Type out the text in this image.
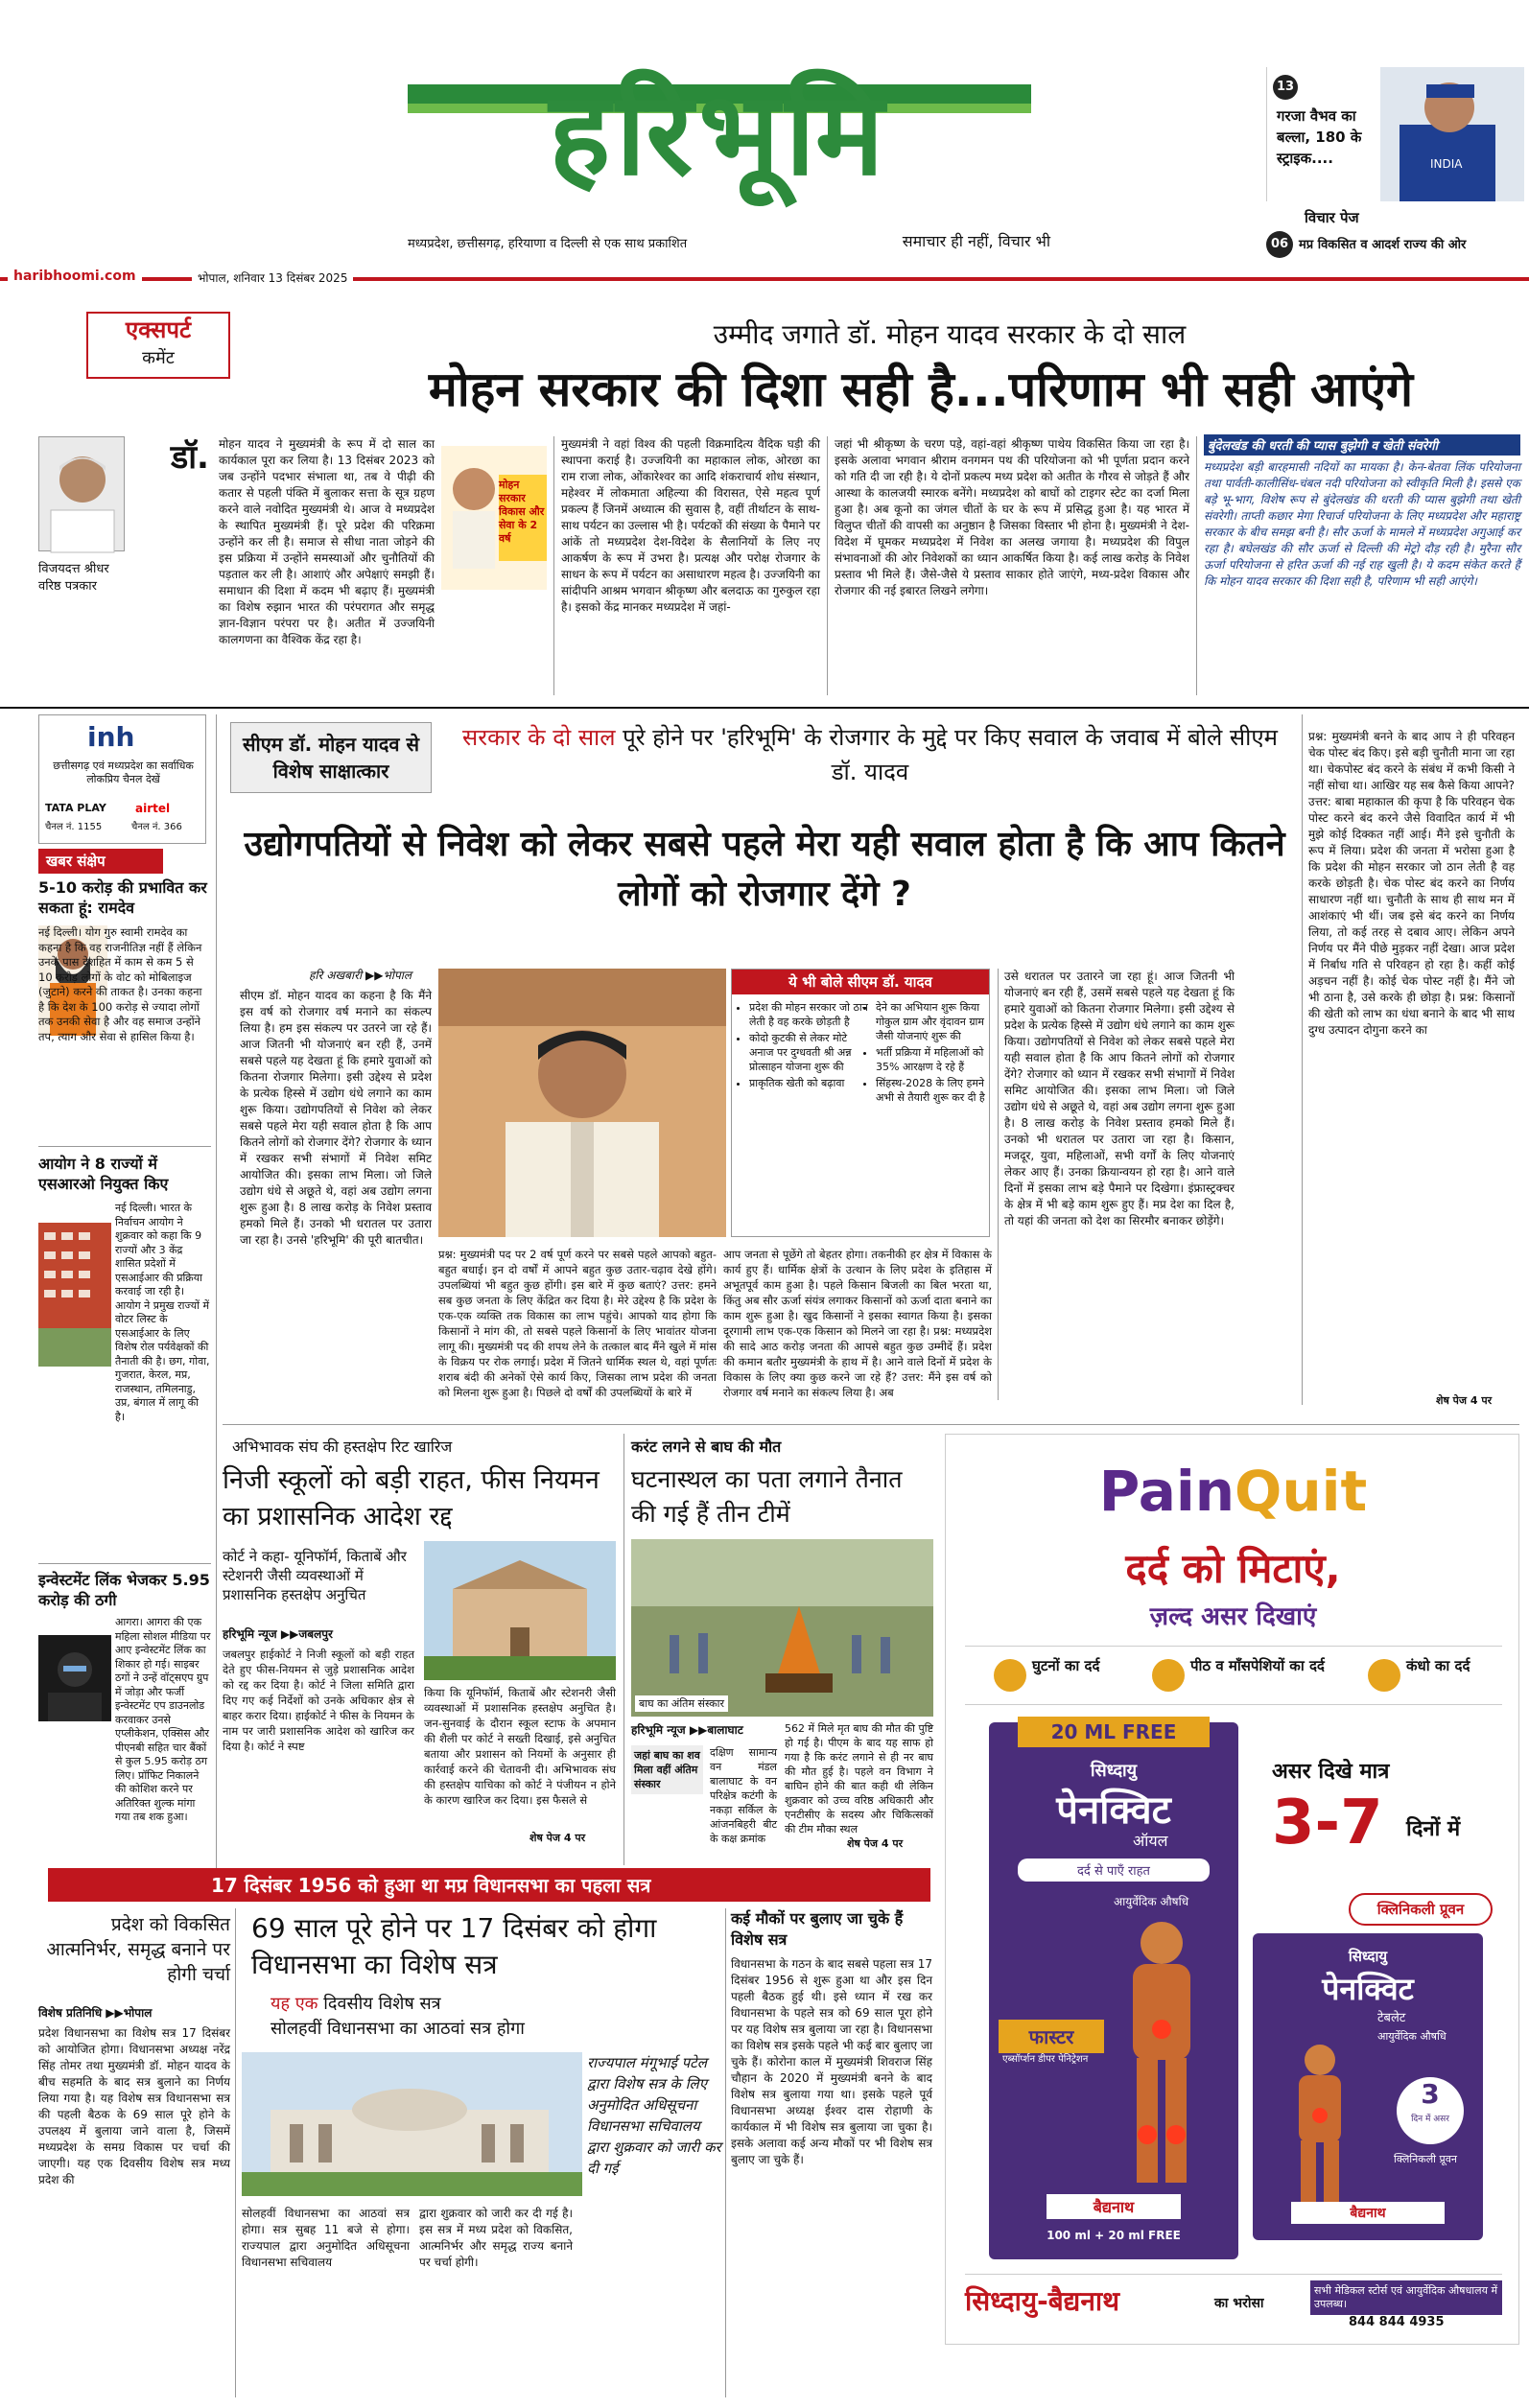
हरिभूमि
मध्यप्रदेश, छत्तीसगढ़, हरियाणा व दिल्ली से एक साथ प्रकाशित	समाचार ही नहीं, विचार भी
13
गरजा वैभव का बल्ला, 180 के स्ट्राइक....	INDIA
विचार पेज
06 मप्र विकसित व आदर्श राज्य की ओर
haribhoomi.com	भोपाल, शनिवार 13 दिसंबर 2025
एक्सपर्ट
कमेंट
उम्मीद जगाते डॉ. मोहन यादव सरकार के दो साल
मोहन सरकार की दिशा सही है...परिणाम भी सही आएंगे
विजयदत्त श्रीधर
वरिष्ठ पत्रकार
डॉ. मोहन यादव ने मुख्यमंत्री के रूप में दो साल का कार्यकाल पूरा कर लिया है। 13 दिसंबर 2023 को जब उन्होंने पदभार संभाला था, तब वे पीढ़ी की कतार से पहली पंक्ति में बुलाकर सत्ता के सूत्र ग्रहण करने वाले नवोदित मुख्यमंत्री थे। आज वे मध्यप्रदेश के स्थापित मुख्यमंत्री हैं। पूरे प्रदेश की परिक्रमा उन्होंने कर ली है। समाज से सीधा नाता जोड़ने की इस प्रक्रिया में उन्होंने समस्याओं और चुनौतियों की पड़ताल कर ली है। आशाएं और अपेक्षाएं समझी हैं। समाधान की दिशा में कदम भी बढ़ाए हैं। मुख्यमंत्री का विशेष रुझान भारत की परंपरागत और समृद्ध ज्ञान-विज्ञान परंपरा पर है। अतीत में उज्जयिनी कालगणना का वैश्विक केंद्र रहा है।
मोहन सरकार विकास और सेवा के 2 वर्ष
मुख्यमंत्री ने वहां विश्व की पहली विक्रमादित्य वैदिक घड़ी की स्थापना कराई है। उज्जयिनी का महाकाल लोक, ओरछा का राम राजा लोक, ओंकारेश्वर का आदि शंकराचार्य शोध संस्थान, महेश्वर में लोकमाता अहिल्या की विरासत, ऐसे महत्व पूर्ण प्रकल्प हैं जिनमें अध्यात्म की सुवास है, वहीं तीर्थाटन के साथ-साथ पर्यटन का उल्लास भी है। पर्यटकों की संख्या के पैमाने पर आंकें तो मध्यप्रदेश देश-विदेश के सैलानियों के लिए नए आकर्षण के रूप में उभरा है। प्रत्यक्ष और परोक्ष रोजगार के साधन के रूप में पर्यटन का असाधारण महत्व है। उज्जयिनी का सांदीपनि आश्रम भगवान श्रीकृष्ण और बलदाऊ का गुरुकुल रहा है। इसको केंद्र मानकर मध्यप्रदेश में जहां-
जहां भी श्रीकृष्ण के चरण पड़े, वहां-वहां श्रीकृष्ण पाथेय विकसित किया जा रहा है। इसके अलावा भगवान श्रीराम वनगमन पथ की परियोजना को भी पूर्णता प्रदान करने को गति दी जा रही है। ये दोनों प्रकल्प मध्य प्रदेश को अतीत के गौरव से जोड़ते हैं और आस्था के कालजयी स्मारक बनेंगे। मध्यप्रदेश को बाघों को टाइगर स्टेट का दर्जा मिला हुआ है। अब कूनो का जंगल चीतों के घर के रूप में प्रसिद्ध हुआ है। यह भारत में विलुप्त चीतों की वापसी का अनुष्ठान है जिसका विस्तार भी होना है। मुख्यमंत्री ने देश-विदेश में घूमकर मध्यप्रदेश में निवेश का अलख जगाया है। मध्यप्रदेश की विपुल संभावनाओं की ओर निवेशकों का ध्यान आकर्षित किया है। कई लाख करोड़ के निवेश प्रस्ताव भी मिले हैं। जैसे-जैसे ये प्रस्ताव साकार होते जाएंगे, मध्य-प्रदेश विकास और रोजगार की नई इबारत लिखने लगेगा।
बुंदेलखंड की धरती की प्यास बुझेगी व खेती संवरेगी
मध्यप्रदेश बड़ी बारहमासी नदियों का मायका है। केन-बेतवा लिंक परियोजना तथा पार्वती-कालीसिंध-चंबल नदी परियोजना को स्वीकृति मिली है। इससे एक बड़े भू-भाग, विशेष रूप से बुंदेलखंड की धरती की प्यास बुझेगी तथा खेती संवरेगी। ताप्ती कछार मेगा रिचार्ज परियोजना के लिए मध्यप्रदेश और महाराष्ट्र सरकार के बीच समझ बनी है। सौर ऊर्जा के मामले में मध्यप्रदेश अगुआई कर रहा है। बघेलखंड की सौर ऊर्जा से दिल्ली की मेट्रो दौड़ रही है। मुरैना सौर ऊर्जा परियोजना से हरित ऊर्जा की नई राह खुली है। ये कदम संकेत करते हैं कि मोहन यादव सरकार की दिशा सही है, परिणाम भी सही आएंगे।
inh
छत्तीसगढ़ एवं मध्यप्रदेश का सर्वाधिक लोकप्रिय चैनल देखें
TATA PLAY
चैनल नं. 1155
airtel
चैनल नं. 366
खबर संक्षेप
5-10 करोड़ की प्रभावित कर सकता हूं: रामदेव
नई दिल्ली। योग गुरु स्वामी रामदेव का कहना है कि वह राजनीतिज्ञ नहीं हैं लेकिन उनके पास देशहित में काम से कम 5 से 10 करोड़ लोगों के वोट को मोबिलाइज (जुटाने) करने की ताकत है। उनका कहना है कि देश के 100 करोड़ से ज्यादा लोगों तक उनकी सेवा है और वह समाज उन्होंने तप, त्याग और सेवा से हासिल किया है।
आयोग ने 8 राज्यों में एसआरओ नियुक्त किए
नई दिल्ली। भारत के निर्वाचन आयोग ने शुक्रवार को कहा कि 9 राज्यों और 3 केंद्र शासित प्रदेशों में एसआईआर की प्रक्रिया करवाई जा रही है। आयोग ने प्रमुख राज्यों में वोटर लिस्ट के एसआईआर के लिए विशेष रोल पर्यवेक्षकों की तैनाती की है। छग, गोवा, गुजरात, केरल, मप्र, राजस्थान, तमिलनाडु, उप्र, बंगाल में लागू की है।
इन्वेस्टमेंट लिंक भेजकर 5.95 करोड़ की ठगी
आगरा। आगरा की एक महिला सोशल मीडिया पर आए इन्वेस्टमेंट लिंक का शिकार हो गई। साइबर ठगों ने उन्हें वॉट्सएप ग्रुप में जोड़ा और फर्जी इन्वेस्टमेंट एप डाउनलोड करवाकर उनसे एप्लीकेशन, एक्सिस और पीएनबी सहित चार बैंकों से कुल 5.95 करोड़ ठग लिए। प्रॉफिट निकालने की कोशिश करने पर अतिरिक्त शुल्क मांगा गया तब शक हुआ।
सीएम डॉ. मोहन यादव से विशेष साक्षात्कार
सरकार के दो साल पूरे होने पर 'हरिभूमि' के रोजगार के मुद्दे पर किए सवाल के जवाब में बोले सीएम डॉ. यादव
उद्योगपतियों से निवेश को लेकर सबसे पहले मेरा यही सवाल होता है कि आप कितने लोगों को रोजगार देंगे ?
हरि अखबारी ▶▶भोपाल
सीएम डॉ. मोहन यादव का कहना है कि मैंने इस वर्ष को रोजगार वर्ष मनाने का संकल्प लिया है। हम इस संकल्प पर उतरने जा रहे हैं। आज जितनी भी योजनाएं बन रही हैं, उनमें सबसे पहले यह देखता हूं कि हमारे युवाओं को कितना रोजगार मिलेगा। इसी उद्देश्य से प्रदेश के प्रत्येक हिस्से में उद्योग धंधे लगाने का काम शुरू किया। उद्योगपतियों से निवेश को लेकर सबसे पहले मेरा यही सवाल होता है कि आप कितने लोगों को रोजगार देंगे? रोजगार के ध्यान में रखकर सभी संभागों में निवेश समिट आयोजित की। इसका लाभ मिला। जो जिले उद्योग धंधे से अछूते थे, वहां अब उद्योग लगना शुरू हुआ है। 8 लाख करोड़ के निवेश प्रस्ताव हमको मिले हैं। उनको भी धरातल पर उतारा जा रहा है। उनसे 'हरिभूमि' की पूरी बातचीत।
ये भी बोले सीएम डॉ. यादव
• प्रदेश की मोहन सरकार जो ठान लेती है वह करके छोड़ती है
• कोदो कुटकी से लेकर मोटे अनाज पर दुग्धवती श्री अन्न प्रोत्साहन योजना शुरू की
• प्राकृतिक खेती को बढ़ावा
• देने का अभियान शुरू किया गोकुल ग्राम और वृंदावन ग्राम जैसी योजनाएं शुरू की
• भर्ती प्रक्रिया में महिलाओं को 35% आरक्षण दे रहे हैं
• सिंहस्थ-2028 के लिए हमने अभी से तैयारी शुरू कर दी है
प्रश्न: मुख्यमंत्री पद पर 2 वर्ष पूर्ण करने पर सबसे पहले आपको बहुत-बहुत बधाई। इन दो वर्षों में आपने बहुत कुछ उतार-चढ़ाव देखे होंगे। उपलब्धियां भी बहुत कुछ होंगी। इस बारे में कुछ बताएं? उत्तर: हमने सब कुछ जनता के लिए केंद्रित कर दिया है। मेरे उद्देश्य है कि प्रदेश के एक-एक व्यक्ति तक विकास का लाभ पहुंचे। आपको याद होगा कि किसानों ने मांग की, तो सबसे पहले किसानों के लिए भावांतर योजना लागू की। मुख्यमंत्री पद की शपथ लेने के तत्काल बाद मैंने खुले में मांस के विक्रय पर रोक लगाई। प्रदेश में जितने धार्मिक स्थल थे, वहां पूर्णतः शराब बंदी की अनेकों ऐसे कार्य किए, जिसका लाभ प्रदेश की जनता को मिलना शुरू हुआ है। पिछले दो वर्षों की उपलब्धियों के बारे में
आप जनता से पूछेंगे तो बेहतर होगा। तकनीकी हर क्षेत्र में विकास के कार्य हुए हैं। धार्मिक क्षेत्रों के उत्थान के लिए प्रदेश के इतिहास में अभूतपूर्व काम हुआ है। पहले किसान बिजली का बिल भरता था, किंतु अब सौर ऊर्जा संयंत्र लगाकर किसानों को ऊर्जा दाता बनाने का काम शुरू हुआ है। खुद किसानों ने इसका स्वागत किया है। इसका दूरगामी लाभ एक-एक किसान को मिलने जा रहा है। प्रश्न: मध्यप्रदेश की सादे आठ करोड़ जनता की आपसे बहुत कुछ उम्मीदें हैं। प्रदेश की कमान बतौर मुख्यमंत्री के हाथ में है। आने वाले दिनों में प्रदेश के विकास के लिए क्या कुछ करने जा रहे हैं? उत्तर: मैंने इस वर्ष को रोजगार वर्ष मनाने का संकल्प लिया है। अब
उसे धरातल पर उतारने जा रहा हूं। आज जितनी भी योजनाएं बन रही हैं, उसमें सबसे पहले यह देखता हूं कि हमारे युवाओं को कितना रोजगार मिलेगा। इसी उद्देश्य से प्रदेश के प्रत्येक हिस्से में उद्योग धंधे लगाने का काम शुरू किया। उद्योगपतियों से निवेश को लेकर सबसे पहले मेरा यही सवाल होता है कि आप कितने लोगों को रोजगार देंगे? रोजगार को ध्यान में रखकर सभी संभागों में निवेश समिट आयोजित की। इसका लाभ मिला। जो जिले उद्योग धंधे से अछूते थे, वहां अब उद्योग लगना शुरू हुआ है। 8 लाख करोड़ के निवेश प्रस्ताव हमको मिले हैं। उनको भी धरातल पर उतारा जा रहा है। किसान, मजदूर, युवा, महिलाओं, सभी वर्गों के लिए योजनाएं लेकर आए हैं। उनका क्रियान्वयन हो रहा है। आने वाले दिनों में इसका लाभ बड़े पैमाने पर दिखेगा। इंफ्रास्ट्रक्चर के क्षेत्र में भी बड़े काम शुरू हुए हैं। मप्र देश का दिल है, तो यहां की जनता को देश का सिरमौर बनाकर छोड़ेंगे।
प्रश्न: मुख्यमंत्री बनने के बाद आप ने ही परिवहन चेक पोस्ट बंद किए। इसे बड़ी चुनौती माना जा रहा था। चेकपोस्ट बंद करने के संबंध में कभी किसी ने नहीं सोचा था। आखिर यह सब कैसे किया आपने? उत्तर: बाबा महाकाल की कृपा है कि परिवहन चेक पोस्ट करने बंद करने जैसे विवादित कार्य में भी मुझे कोई दिक्कत नहीं आई। मैंने इसे चुनौती के रूप में लिया। प्रदेश की जनता में भरोसा हुआ है कि प्रदेश की मोहन सरकार जो ठान लेती है वह करके छोड़ती है। चेक पोस्ट बंद करने का निर्णय साधारण नहीं था। चुनौती के साथ ही साथ मन में आशंकाएं भी थीं। जब इसे बंद करने का निर्णय लिया, तो कई तरह से दबाव आए। लेकिन अपने निर्णय पर मैंने पीछे मुड़कर नहीं देखा। आज प्रदेश में निर्बाध गति से परिवहन हो रहा है। कहीं कोई अड़चन नहीं है। कोई चेक पोस्ट नहीं है। मैंने जो भी ठाना है, उसे करके ही छोड़ा है। प्रश्न: किसानों की खेती को लाभ का धंधा बनाने के बाद भी साथ दुग्ध उत्पादन दोगुना करने का
शेष पेज 4 पर
अभिभावक संघ की हस्तक्षेप रिट खारिज
निजी स्कूलों को बड़ी राहत, फीस नियमन का प्रशासनिक आदेश रद्द
कोर्ट ने कहा- यूनिफॉर्म, किताबें और स्टेशनरी जैसी व्यवस्थाओं में प्रशासनिक हस्तक्षेप अनुचित
हरिभूमि न्यूज ▶▶जबलपुर
जबलपुर हाईकोर्ट ने निजी स्कूलों को बड़ी राहत देते हुए फीस-नियमन से जुड़े प्रशासनिक आदेश को रद्द कर दिया है। कोर्ट ने जिला समिति द्वारा दिए गए कई निर्देशों को उनके अधिकार क्षेत्र से बाहर करार दिया। हाईकोर्ट ने फीस के नियमन के नाम पर जारी प्रशासनिक आदेश को खारिज कर दिया है। कोर्ट ने स्पष्ट
किया कि यूनिफॉर्म, किताबें और स्टेशनरी जैसी व्यवस्थाओं में प्रशासनिक हस्तक्षेप अनुचित है। जन-सुनवाई के दौरान स्कूल स्टाफ के अपमान की शैली पर कोर्ट ने सख्ती दिखाई, इसे अनुचित बताया और प्रशासन को नियमों के अनुसार ही कार्रवाई करने की चेतावनी दी। अभिभावक संघ की हस्तक्षेप याचिका को कोर्ट ने पंजीयन न होने के कारण खारिज कर दिया। इस फैसले से
शेष पेज 4 पर
करंट लगने से बाघ की मौत
घटनास्थल का पता लगाने तैनात की गई हैं तीन टीमें
बाघ का अंतिम संस्कार
हरिभूमि न्यूज ▶▶बालाघाट
जहां बाघ का शव मिला वहीं अंतिम संस्कार
दक्षिण सामान्य वन मंडल बालाघाट के वन परिक्षेत्र कटंगी के नकड़ा सर्किल के आंजनबिहरी बीट के कक्ष क्रमांक
562 में मिले मृत बाघ की मौत की पुष्टि हो गई है। पीएम के बाद यह साफ हो गया है कि करंट लगाने से ही नर बाघ की मौत हुई है। पहले वन विभाग ने बाघिन होने की बात कही थी लेकिन शुक्रवार को उच्च वरिष्ठ अधिकारी और एनटीसीए के सदस्य और चिकित्सकों की टीम मौका स्थल
शेष पेज 4 पर
PainQuit
दर्द को मिटाएं,
ज़ल्द असर दिखाएं
घुटनों का दर्द	पीठ व माँसपेशियों का दर्द	कंधो का दर्द
20 ML FREE
सिध्दायु
पेनक्विट
ऑयल
दर्द से पाएँ राहत
आयुर्वेदिक औषधि
फास्टर
एब्सॉर्प्शन डीपर पेनिट्रेशन
बैद्यनाथ
100 ml + 20 ml FREE
असर दिखे मात्र
3-7	दिनों में
क्लिनिकली प्रूवन
सिध्दायु
पेनक्विट
टेबलेट
आयुर्वेदिक औषधि
3
दिन में असर
क्लिनिकली प्रूवन
बैद्यनाथ
सिध्दायु-बैद्यनाथ	का भरोसा
सभी मेडिकल स्टोर्स एवं आयुर्वेदिक औषधालय में उपलब्ध।
844 844 4935
17 दिसंबर 1956 को हुआ था मप्र विधानसभा का पहला सत्र
प्रदेश को विकसित आत्मनिर्भर, समृद्ध बनाने पर होगी चर्चा
विशेष प्रतिनिधि ▶▶भोपाल
प्रदेश विधानसभा का विशेष सत्र 17 दिसंबर को आयोजित होगा। विधानसभा अध्यक्ष नरेंद्र सिंह तोमर तथा मुख्यमंत्री डॉ. मोहन यादव के बीच सहमति के बाद सत्र बुलाने का निर्णय लिया गया है। यह विशेष सत्र विधानसभा सत्र की पहली बैठक के 69 साल पूरे होने के उपलक्ष्य में बुलाया जाने वाला है, जिसमें मध्यप्रदेश के समग्र विकास पर चर्चा की जाएगी। यह एक दिवसीय विशेष सत्र मध्य प्रदेश की
69 साल पूरे होने पर 17 दिसंबर को होगा विधानसभा का विशेष सत्र
यह एक दिवसीय विशेष सत्र
सोलहवीं विधानसभा का आठवां सत्र होगा
राज्यपाल मंगूभाई पटेल द्वारा विशेष सत्र के लिए अनुमोदित अधिसूचना विधानसभा सचिवालय द्वारा शुक्रवार को जारी कर दी गई
सोलहवीं विधानसभा का आठवां सत्र होगा। सत्र सुबह 11 बजे से होगा। राज्यपाल द्वारा अनुमोदित अधिसूचना विधानसभा सचिवालय
द्वारा शुक्रवार को जारी कर दी गई है। इस सत्र में मध्य प्रदेश को विकसित, आत्मनिर्भर और समृद्ध राज्य बनाने पर चर्चा होगी।
कई मौकों पर बुलाए जा चुके हैं विशेष सत्र
विधानसभा के गठन के बाद सबसे पहला सत्र 17 दिसंबर 1956 से शुरू हुआ था और इस दिन पहली बैठक हुई थी। इसे ध्यान में रख कर विधानसभा के पहले सत्र को 69 साल पूरा होने पर यह विशेष सत्र बुलाया जा रहा है। विधानसभा का विशेष सत्र इसके पहले भी कई बार बुलाए जा चुके हैं। कोरोना काल में मुख्यमंत्री शिवराज सिंह चौहान के 2020 में मुख्यमंत्री बनने के बाद विशेष सत्र बुलाया गया था। इसके पहले पूर्व विधानसभा अध्यक्ष ईश्वर दास रोहाणी के कार्यकाल में भी विशेष सत्र बुलाया जा चुका है। इसके अलावा कई अन्य मौकों पर भी विशेष सत्र बुलाए जा चुके हैं।
